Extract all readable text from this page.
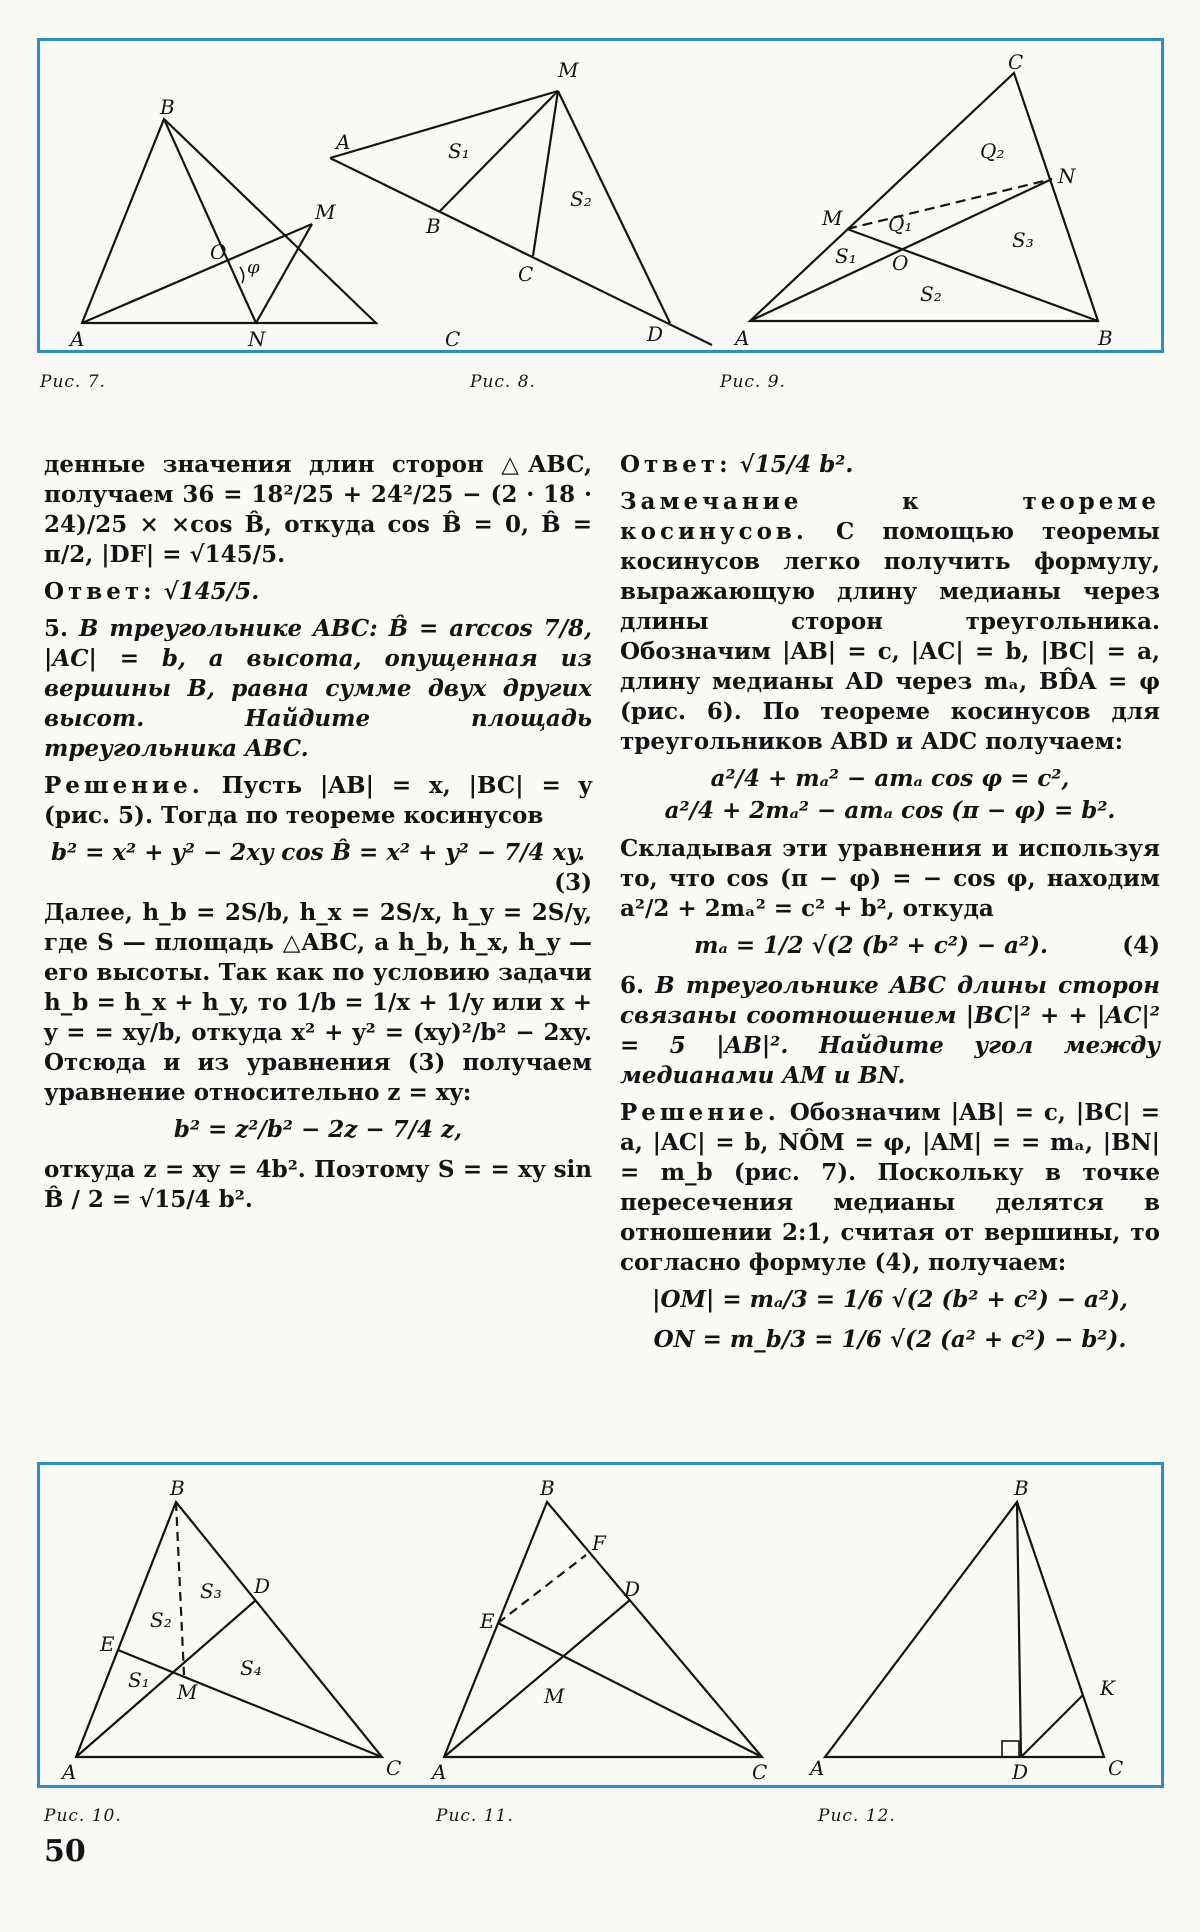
B
A	N	C
M
O
φ
A
M
S₁
S₂
B
C
D
C
Q₂
N
M Q₁
S₁ O
S₃
S₂
A	B
Рис. 7.	Рис. 8.	Рис. 9.

денные значения длин сторон △ABC, получаем 36 = 18²/25 + 24²/25 − (2 · 18 · 24)/25 × ×cos B̂, откуда cos B̂ = 0, B̂ = π/2, |DF| = √145/5.

Ответ: √145/5.

5. В треугольнике ABC: B̂ = arccos 7/8, |AC| = b, а высота, опущенная из вершины B, равна сумме двух других высот. Найдите площадь треугольника ABC.

Решение. Пусть |AB| = x, |BC| = y (рис. 5). Тогда по теореме косинусов

b² = x² + y² − 2xy cos B̂ = x² + y² − 7/4 xy.
(3)

Далее, h_b = 2S/b, h_x = 2S/x, h_y = 2S/y, где S — площадь △ABC, а h_b, h_x, h_y — его высоты. Так как по условию задачи h_b = h_x + h_y, то 1/b = 1/x + 1/y или x + y = = xy/b, откуда x² + y² = (xy)²/b² − 2xy. Отсюда и из уравнения (3) получаем уравнение относительно z = xy:

b² = z²/b² − 2z − 7/4 z,

откуда z = xy = 4b². Поэтому S = = xy sin B̂ / 2 = √15/4 b².

Ответ: √15/4 b².

Замечание к теореме косинусов. С помощью теоремы косинусов легко получить формулу, выражающую длину медианы через длины сторон треугольника. Обозначим |AB| = c, |AC| = b, |BC| = a, длину медианы AD через mₐ, BD̂A = φ (рис. 6). По теореме косинусов для треугольников ABD и ADC получаем:

a²/4 + mₐ² − amₐ cos φ = c²,
a²/4 + 2mₐ² − amₐ cos (π − φ) = b².

Складывая эти уравнения и используя то, что cos (π − φ) = − cos φ, находим a²/2 + 2mₐ² = c² + b², откуда

mₐ = 1/2 √(2 (b² + c²) − a²).	(4)

6. В треугольнике ABC длины сторон связаны соотношением |BC|² + + |AC|² = 5 |AB|². Найдите угол между медианами AM и BN.

Решение. Обозначим |AB| = c, |BC| = a, |AC| = b, NÔM = φ, |AM| = = mₐ, |BN| = m_b (рис. 7). Поскольку в точке пересечения медианы делятся в отношении 2:1, считая от вершины, то согласно формуле (4), получаем:

|OM| = mₐ/3 = 1/6 √(2 (b² + c²) − a²),
ON = m_b/3 = 1/6 √(2 (a² + c²) − b²).
B
E
S₂
S₃ D
S₁ M
S₄
A	C
B
F
D
E
M
A	C
B
K
A	D	C
Рис. 10.	Рис. 11.	Рис. 12.
50
